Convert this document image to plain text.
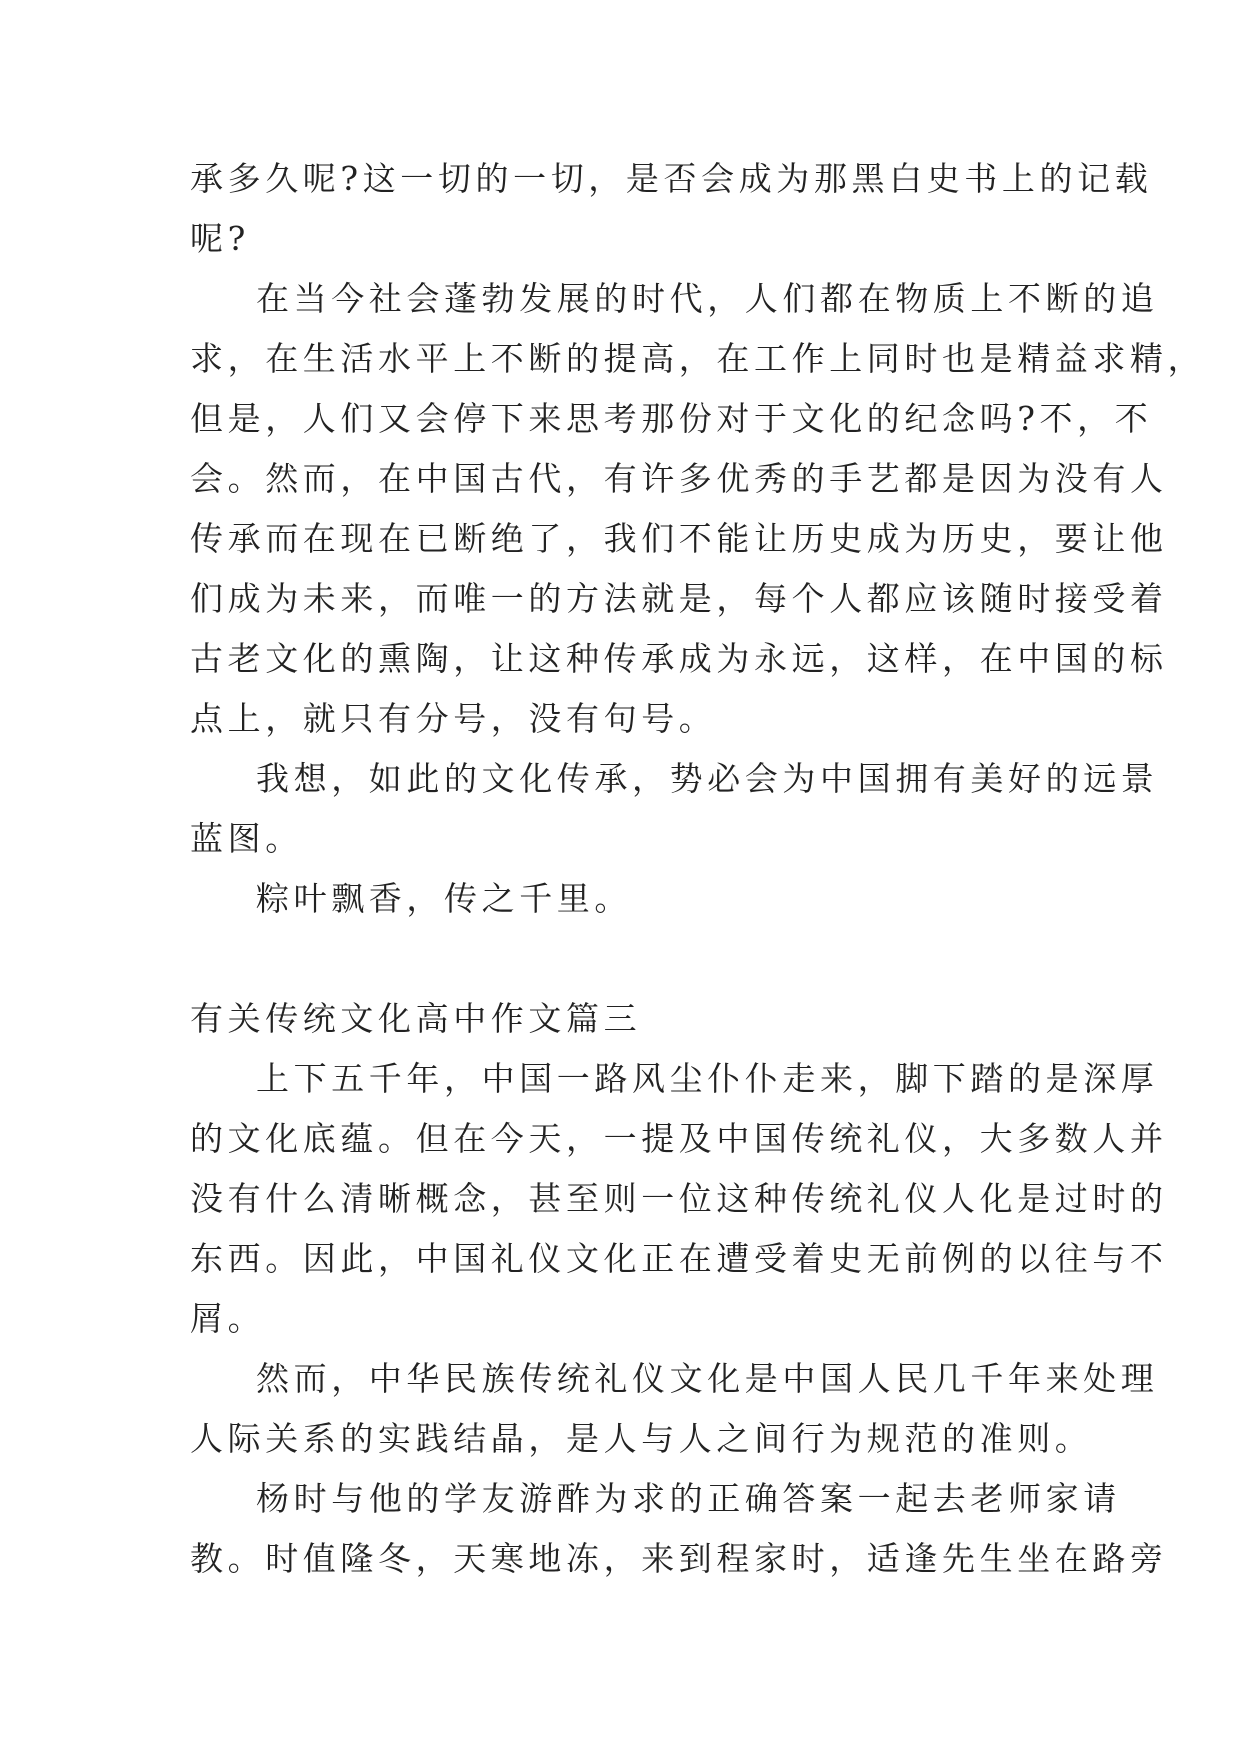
承多久呢?这一切的一切，是否会成为那黑白史书上的记载
呢?
在当今社会蓬勃发展的时代，人们都在物质上不断的追
求，在生活水平上不断的提高，在工作上同时也是精益求精，
但是，人们又会停下来思考那份对于文化的纪念吗?不，不
会。然而，在中国古代，有许多优秀的手艺都是因为没有人
传承而在现在已断绝了，我们不能让历史成为历史，要让他
们成为未来，而唯一的方法就是，每个人都应该随时接受着
古老文化的熏陶，让这种传承成为永远，这样，在中国的标
点上，就只有分号，没有句号。
我想，如此的文化传承，势必会为中国拥有美好的远景
蓝图。
粽叶飘香，传之千里。
有关传统文化高中作文篇三
上下五千年，中国一路风尘仆仆走来，脚下踏的是深厚
的文化底蕴。但在今天，一提及中国传统礼仪，大多数人并
没有什么清晰概念，甚至则一位这种传统礼仪人化是过时的
东西。因此，中国礼仪文化正在遭受着史无前例的以往与不
屑。
然而，中华民族传统礼仪文化是中国人民几千年来处理
人际关系的实践结晶，是人与人之间行为规范的准则。
杨时与他的学友游酢为求的正确答案一起去老师家请
教。时值隆冬，天寒地冻，来到程家时，适逢先生坐在路旁
